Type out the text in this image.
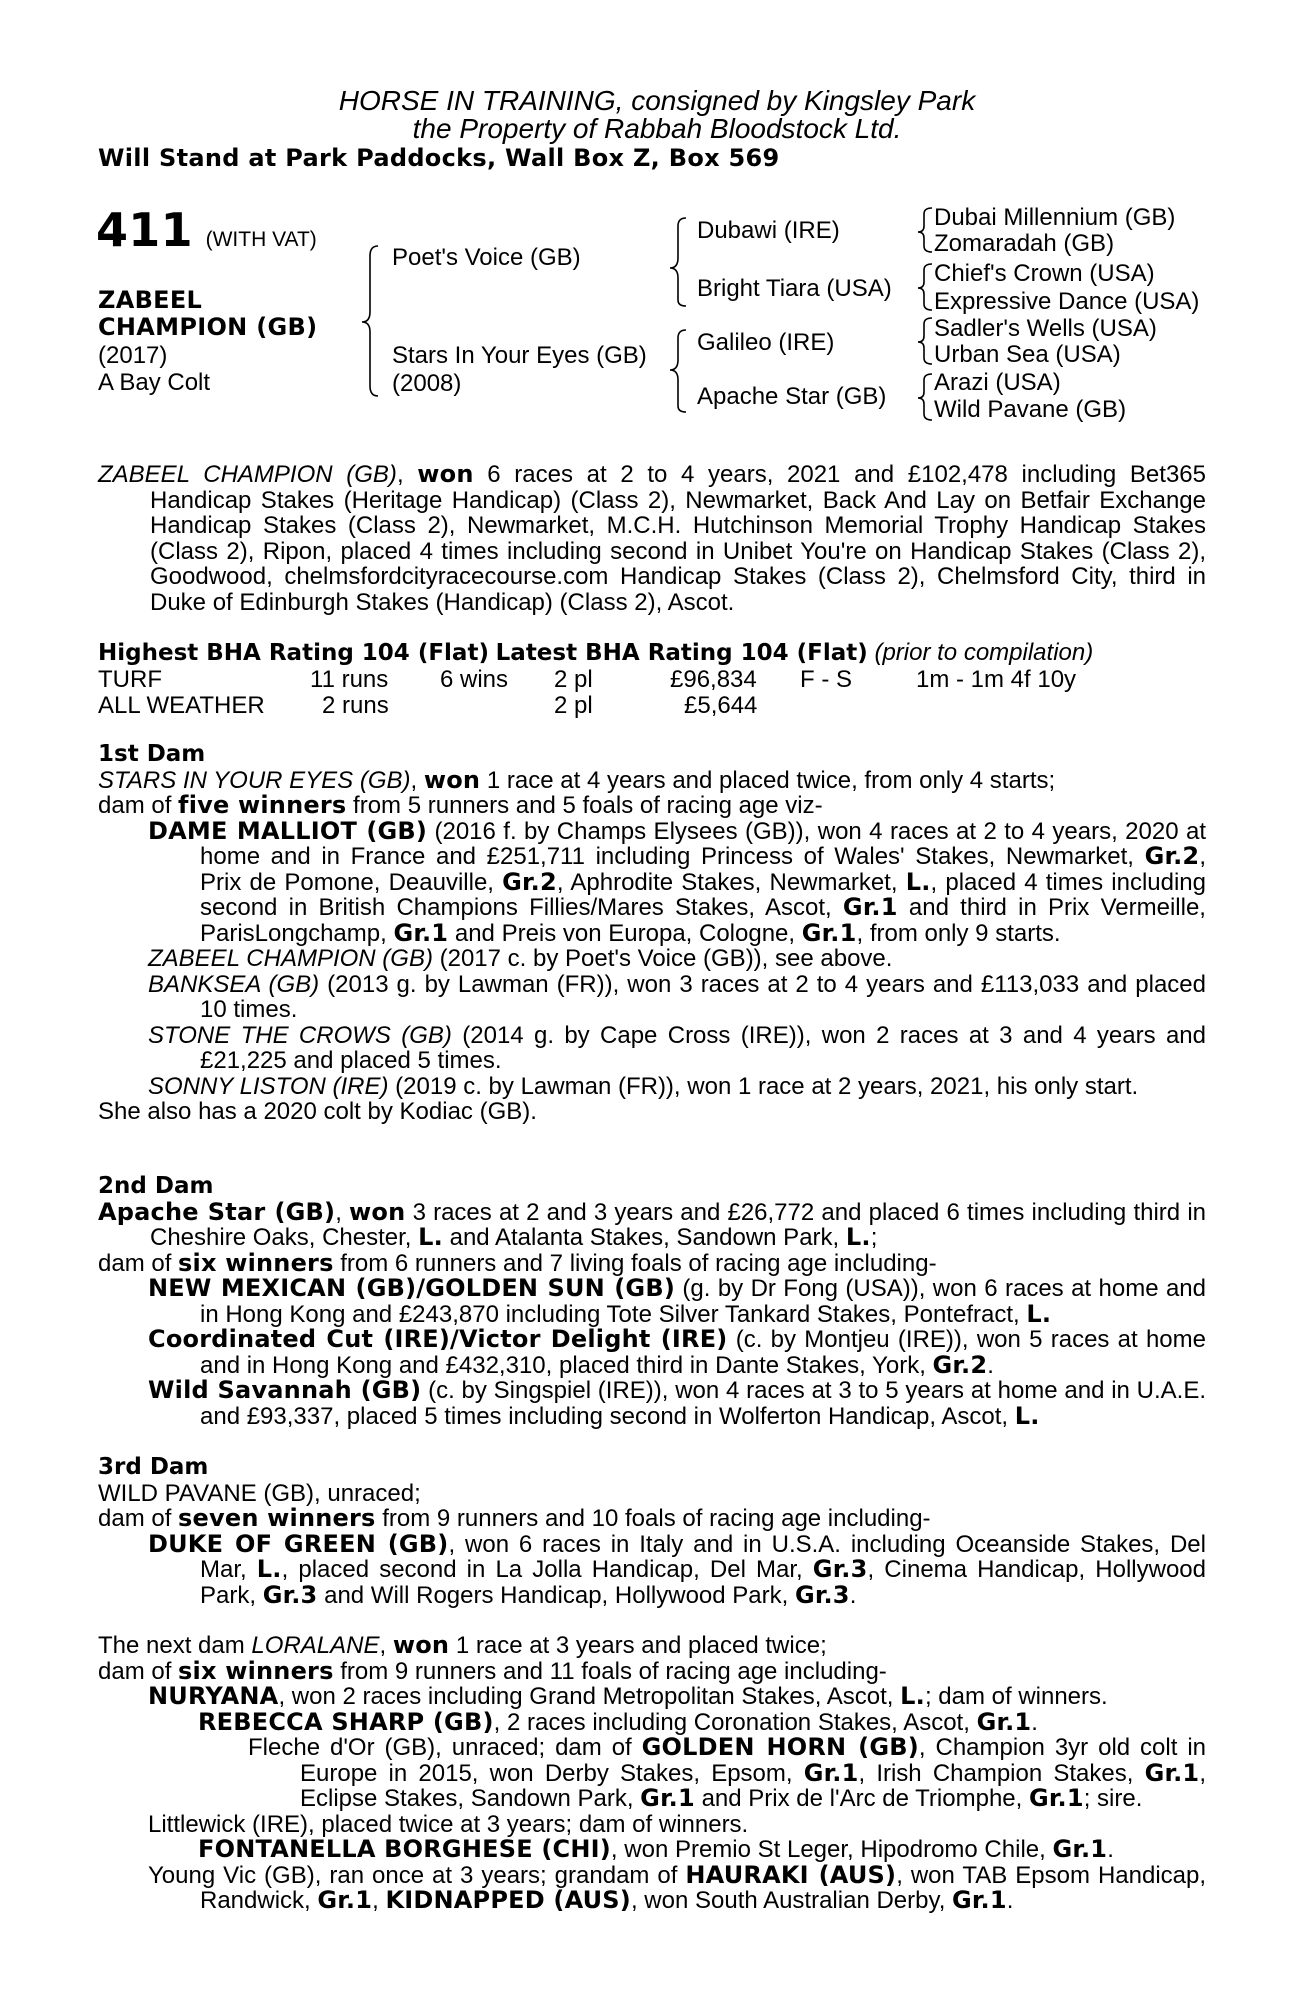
HORSE IN TRAINING, consigned by Kingsley Park
the Property of Rabbah Bloodstock Ltd.
Will Stand at Park Paddocks, Wall Box Z, Box 569
411 (WITH VAT)
ZABEEL
CHAMPION (GB)
(2017)
A Bay Colt
Poet's Voice (GB)
Stars In Your Eyes (GB)
(2008)
Dubawi (IRE)
Bright Tiara (USA)
Galileo (IRE)
Apache Star (GB)
Dubai Millennium (GB)
Zomaradah (GB)
Chief's Crown (USA)
Expressive Dance (USA)
Sadler's Wells (USA)
Urban Sea (USA)
Arazi (USA)
Wild Pavane (GB)
ZABEEL CHAMPION (GB), won 6 races at 2 to 4 years, 2021 and £102,478 including Bet365 Handicap Stakes (Heritage Handicap) (Class 2), Newmarket, Back And Lay on Betfair Exchange Handicap Stakes (Class 2), Newmarket, M.C.H. Hutchinson Memorial Trophy Handicap Stakes (Class 2), Ripon, placed 4 times including second in Unibet You're on Handicap Stakes (Class 2), Goodwood, chelmsfordcityracecourse.com Handicap Stakes (Class 2), Chelmsford City, third in Duke of Edinburgh Stakes (Handicap) (Class 2), Ascot.
Highest BHA Rating 104 (Flat) Latest BHA Rating 104 (Flat) (prior to compilation)
TURF	11 runs 6 wins 2 pl	£96,834 F - S	1m - 1m 4f 10y
ALL WEATHER 2 runs	2 pl	£5,644
1st Dam
STARS IN YOUR EYES (GB), won 1 race at 4 years and placed twice, from only 4 starts;
dam of five winners from 5 runners and 5 foals of racing age viz-
DAME MALLIOT (GB) (2016 f. by Champs Elysees (GB)), won 4 races at 2 to 4 years, 2020 at home and in France and £251,711 including Princess of Wales' Stakes, Newmarket, Gr.2, Prix de Pomone, Deauville, Gr.2, Aphrodite Stakes, Newmarket, L., placed 4 times including second in British Champions Fillies/Mares Stakes, Ascot, Gr.1 and third in Prix Vermeille, ParisLongchamp, Gr.1 and Preis von Europa, Cologne, Gr.1, from only 9 starts.
ZABEEL CHAMPION (GB) (2017 c. by Poet's Voice (GB)), see above.
BANKSEA (GB) (2013 g. by Lawman (FR)), won 3 races at 2 to 4 years and £113,033 and placed 10 times.
STONE THE CROWS (GB) (2014 g. by Cape Cross (IRE)), won 2 races at 3 and 4 years and £21,225 and placed 5 times.
SONNY LISTON (IRE) (2019 c. by Lawman (FR)), won 1 race at 2 years, 2021, his only start.
She also has a 2020 colt by Kodiac (GB).
2nd Dam
Apache Star (GB), won 3 races at 2 and 3 years and £26,772 and placed 6 times including third in Cheshire Oaks, Chester, L. and Atalanta Stakes, Sandown Park, L.;
dam of six winners from 6 runners and 7 living foals of racing age including-
NEW MEXICAN (GB)/GOLDEN SUN (GB) (g. by Dr Fong (USA)), won 6 races at home and in Hong Kong and £243,870 including Tote Silver Tankard Stakes, Pontefract, L.
Coordinated Cut (IRE)/Victor Delight (IRE) (c. by Montjeu (IRE)), won 5 races at home and in Hong Kong and £432,310, placed third in Dante Stakes, York, Gr.2.
Wild Savannah (GB) (c. by Singspiel (IRE)), won 4 races at 3 to 5 years at home and in U.A.E. and £93,337, placed 5 times including second in Wolferton Handicap, Ascot, L.
3rd Dam
WILD PAVANE (GB), unraced;
dam of seven winners from 9 runners and 10 foals of racing age including-
DUKE OF GREEN (GB), won 6 races in Italy and in U.S.A. including Oceanside Stakes, Del Mar, L., placed second in La Jolla Handicap, Del Mar, Gr.3, Cinema Handicap, Hollywood Park, Gr.3 and Will Rogers Handicap, Hollywood Park, Gr.3.
The next dam LORALANE, won 1 race at 3 years and placed twice;
dam of six winners from 9 runners and 11 foals of racing age including-
NURYANA, won 2 races including Grand Metropolitan Stakes, Ascot, L.; dam of winners.
REBECCA SHARP (GB), 2 races including Coronation Stakes, Ascot, Gr.1.
Fleche d'Or (GB), unraced; dam of GOLDEN HORN (GB), Champion 3yr old colt in Europe in 2015, won Derby Stakes, Epsom, Gr.1, Irish Champion Stakes, Gr.1, Eclipse Stakes, Sandown Park, Gr.1 and Prix de l'Arc de Triomphe, Gr.1; sire.
Littlewick (IRE), placed twice at 3 years; dam of winners.
FONTANELLA BORGHESE (CHI), won Premio St Leger, Hipodromo Chile, Gr.1.
Young Vic (GB), ran once at 3 years; grandam of HAURAKI (AUS), won TAB Epsom Handicap, Randwick, Gr.1, KIDNAPPED (AUS), won South Australian Derby, Gr.1.
